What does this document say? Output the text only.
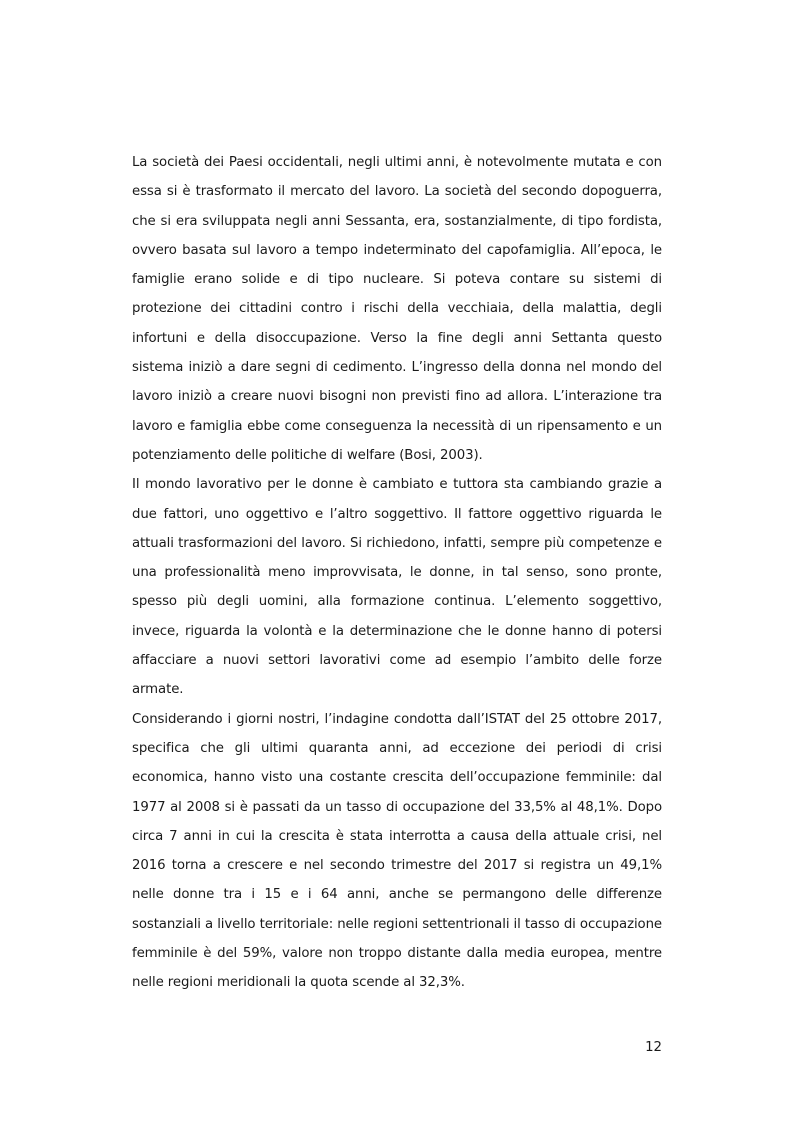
La società dei Paesi occidentali, negli ultimi anni, è notevolmente mutata e con essa si è trasformato il mercato del lavoro. La società del secondo dopoguerra, che si era sviluppata negli anni Sessanta, era, sostanzialmente, di tipo fordista, ovvero basata sul lavoro a tempo indeterminato del capofamiglia. All’epoca, le famiglie erano solide e di tipo nucleare. Si poteva contare su sistemi di protezione dei cittadini contro i rischi della vecchiaia, della malattia, degli infortuni e della disoccupazione. Verso la fine degli anni Settanta questo sistema iniziò a dare segni di cedimento. L’ingresso della donna nel mondo del lavoro iniziò a creare nuovi bisogni non previsti fino ad allora. L’interazione tra lavoro e famiglia ebbe come conseguenza la necessità di un ripensamento e un potenziamento delle politiche di welfare (Bosi, 2003).

Il mondo lavorativo per le donne è cambiato e tuttora sta cambiando grazie a due fattori, uno oggettivo e l’altro soggettivo. Il fattore oggettivo riguarda le attuali trasformazioni del lavoro. Si richiedono, infatti, sempre più competenze e una professionalità meno improvvisata, le donne, in tal senso, sono pronte, spesso più degli uomini, alla formazione continua. L’elemento soggettivo, invece, riguarda la volontà e la determinazione che le donne hanno di potersi affacciare a nuovi settori lavorativi come ad esempio l’ambito delle forze armate.

Considerando i giorni nostri, l’indagine condotta dall’ISTAT del 25 ottobre 2017, specifica che gli ultimi quaranta anni, ad eccezione dei periodi di crisi economica, hanno visto una costante crescita dell’occupazione femminile: dal 1977 al 2008 si è passati da un tasso di occupazione del 33,5% al 48,1%. Dopo circa 7 anni in cui la crescita è stata interrotta a causa della attuale crisi, nel 2016 torna a crescere e nel secondo trimestre del 2017 si registra un 49,1% nelle donne tra i 15 e i 64 anni, anche se permangono delle differenze sostanziali a livello territoriale: nelle regioni settentrionali il tasso di occupazione femminile è del 59%, valore non troppo distante dalla media europea, mentre nelle regioni meridionali la quota scende al 32,3%.

12
